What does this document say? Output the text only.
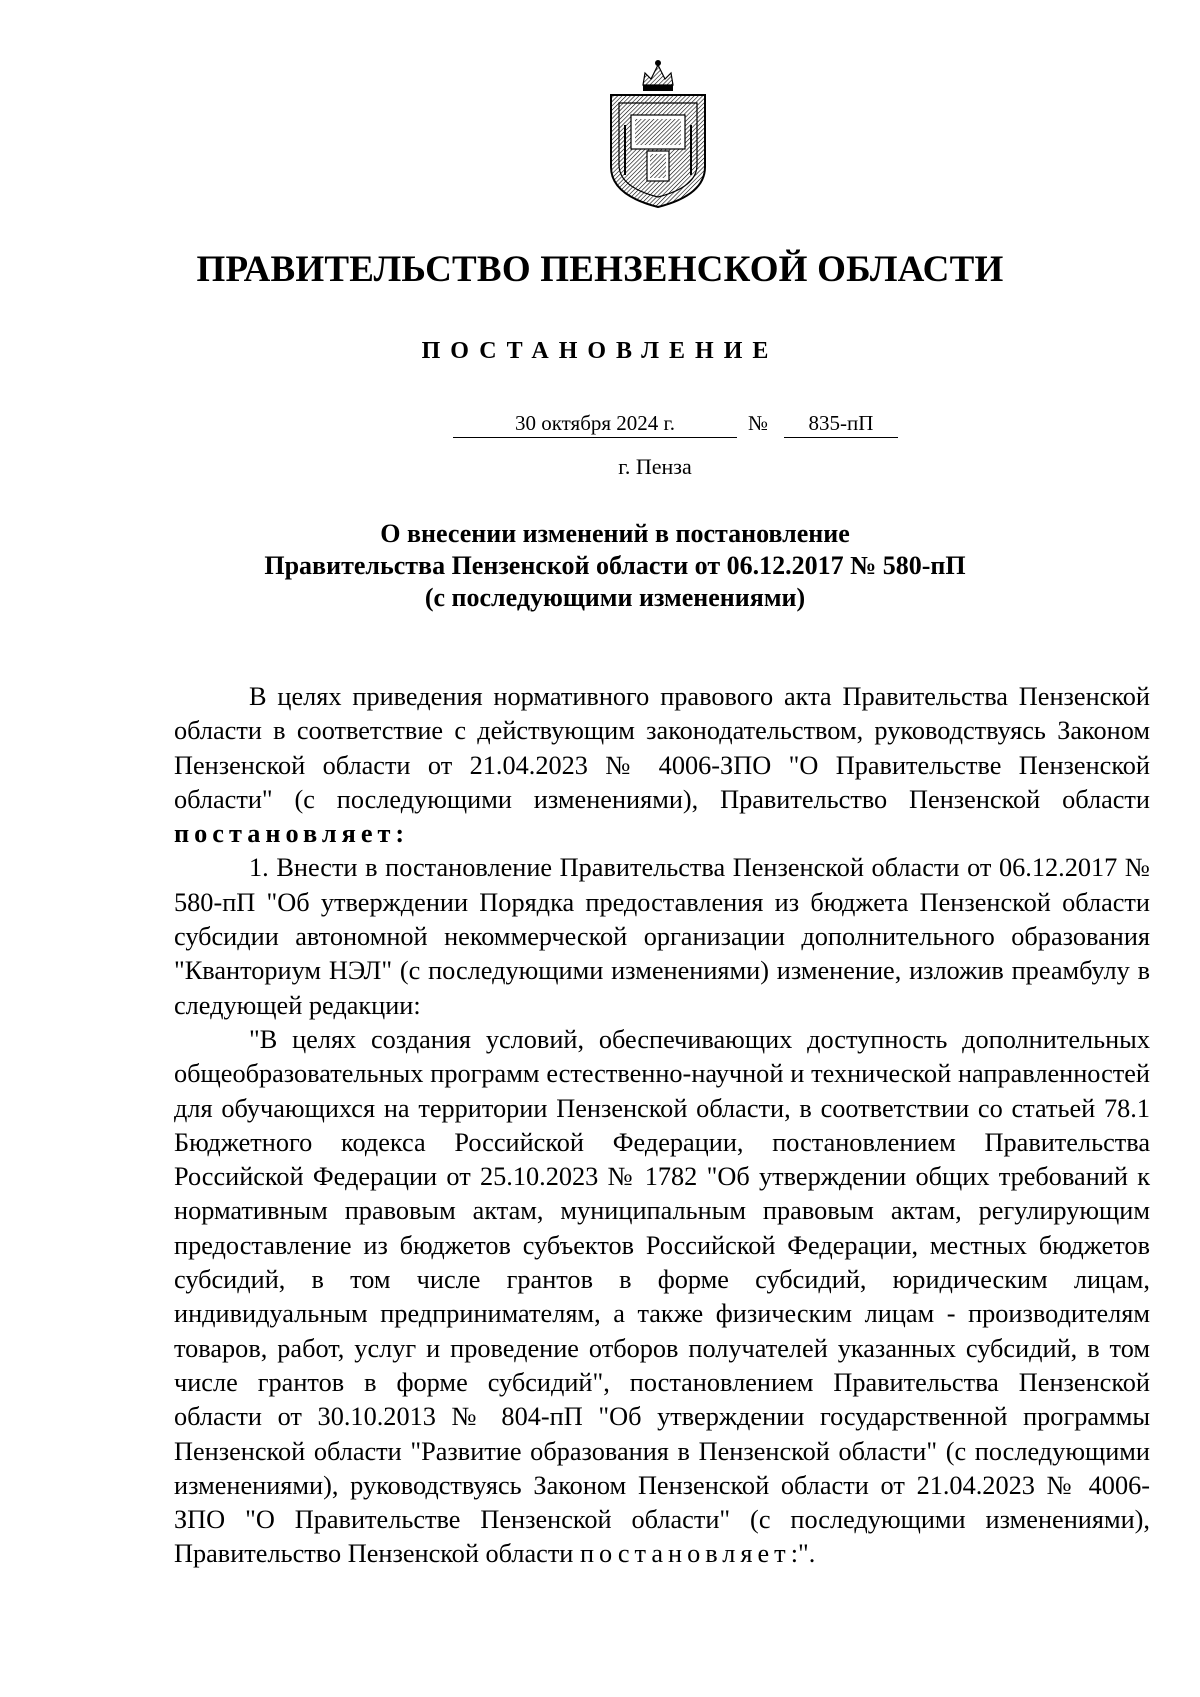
ПРАВИТЕЛЬСТВО ПЕНЗЕНСКОЙ ОБЛАСТИ
ПОСТАНОВЛЕНИЕ
30 октября 2024 г.	№	835-пП
г. Пенза
О внесении изменений в постановление
Правительства Пензенской области от 06.12.2017 № 580-пП
(с последующими изменениями)

В целях приведения нормативного правового акта Правительства Пензенской области в соответствие с действующим законодательством, руководствуясь Законом Пензенской области от 21.04.2023 № 4006-ЗПО "О Правительстве Пензенской области" (с последующими изменениями), Правительство Пензенской области постановляет:

1. Внести в постановление Правительства Пензенской области от 06.12.2017 № 580-пП "Об утверждении Порядка предоставления из бюджета Пензенской области субсидии автономной некоммерческой организации дополнительного образования "Кванториум НЭЛ" (с последующими изменениями) изменение, изложив преамбулу в следующей редакции:

"В целях создания условий, обеспечивающих доступность дополнительных общеобразовательных программ естественно-научной и технической направленностей для обучающихся на территории Пензенской области, в соответствии со статьей 78.1 Бюджетного кодекса Российской Федерации, постановлением Правительства Российской Федерации от 25.10.2023 № 1782 "Об утверждении общих требований к нормативным правовым актам, муниципальным правовым актам, регулирующим предоставление из бюджетов субъектов Российской Федерации, местных бюджетов субсидий, в том числе грантов в форме субсидий, юридическим лицам, индивидуальным предпринимателям, а также физическим лицам - производителям товаров, работ, услуг и проведение отборов получателей указанных субсидий, в том числе грантов в форме субсидий", постановлением Правительства Пензенской области от 30.10.2013 № 804-пП "Об утверждении государственной программы Пензенской области "Развитие образования в Пензенской области" (с последующими изменениями), руководствуясь Законом Пензенской области от 21.04.2023 № 4006-ЗПО "О Правительстве Пензенской области" (с последующими изменениями), Правительство Пензенской области постановляет:".
